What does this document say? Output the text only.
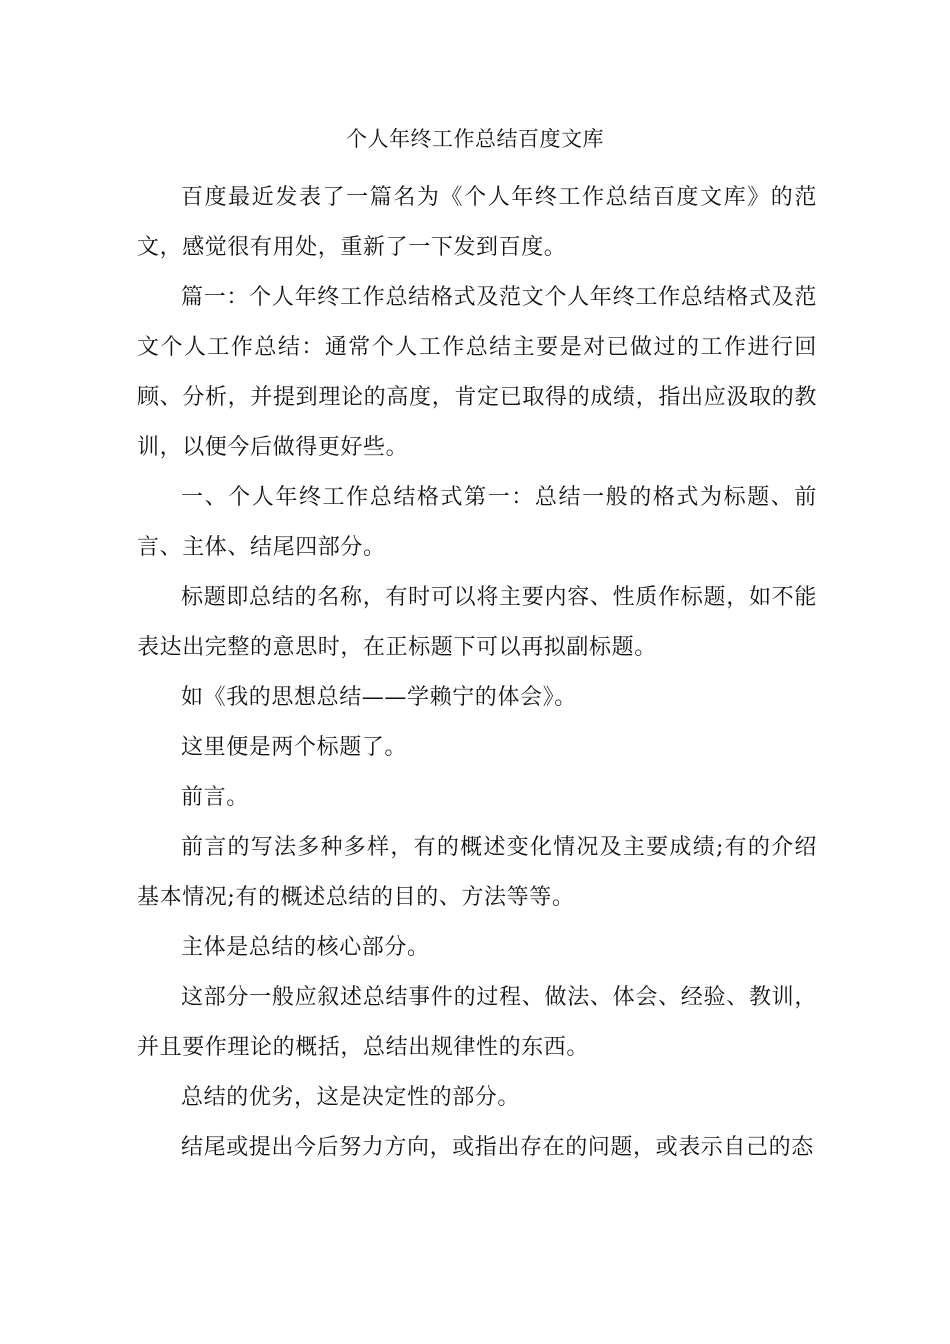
个人年终工作总结百度文库

百度最近发表了一篇名为《个人年终工作总结百度文库》的范文，感觉很有用处，重新了一下发到百度。

篇一：个人年终工作总结格式及范文个人年终工作总结格式及范文个人工作总结：通常个人工作总结主要是对已做过的工作进行回顾、分析，并提到理论的高度，肯定已取得的成绩，指出应汲取的教训，以便今后做得更好些。

一、个人年终工作总结格式第一：总结一般的格式为标题、前言、主体、结尾四部分。

标题即总结的名称，有时可以将主要内容、性质作标题，如不能表达出完整的意思时，在正标题下可以再拟副标题。

如《我的思想总结——学赖宁的体会》。

这里便是两个标题了。

前言。

前言的写法多种多样，有的概述变化情况及主要成绩;有的介绍基本情况;有的概述总结的目的、方法等等。

主体是总结的核心部分。

这部分一般应叙述总结事件的过程、做法、体会、经验、教训，并且要作理论的概括，总结出规律性的东西。

总结的优劣，这是决定性的部分。

结尾或提出今后努力方向，或指出存在的问题，或表示自己的态
